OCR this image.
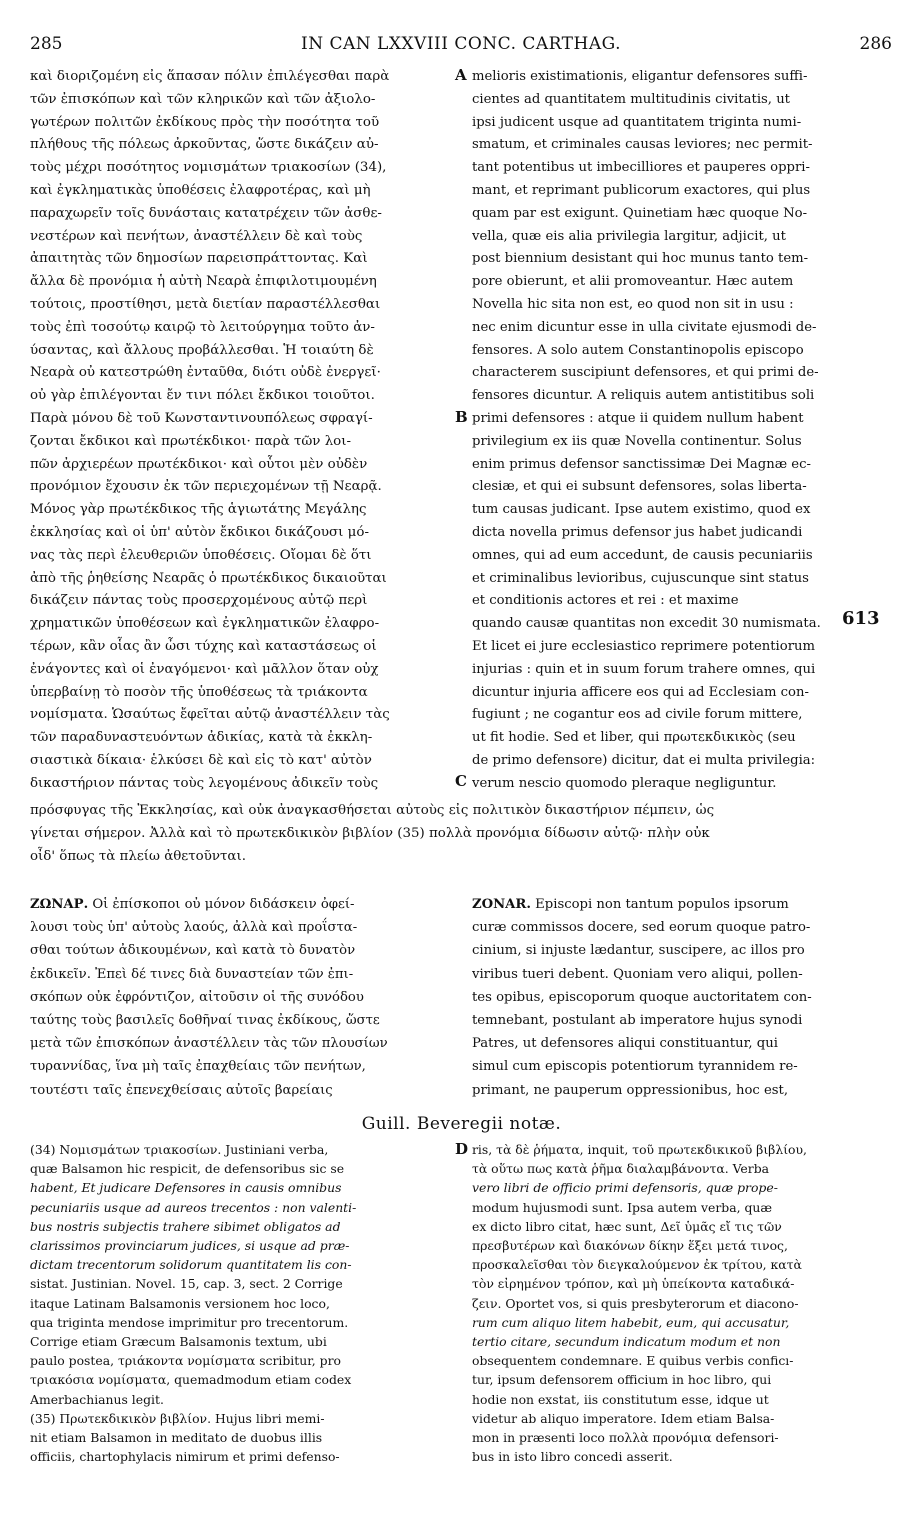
285	IN CAN LXXVIII CONC. CARTHAG.	286
A
B
C
D
613
καὶ διοριζομένη εἰς ἅπασαν πόλιν ἐπιλέγεσθαι παρὰ
τῶν ἐπισκόπων καὶ τῶν κληρικῶν καὶ τῶν ἀξιολο-
γωτέρων πολιτῶν ἐκδίκους πρὸς τὴν ποσότητα τοῦ
πλήθους τῆς πόλεως ἀρκοῦντας, ὥστε δικάζειν αὐ-
τοὺς μέχρι ποσότητος νομισμάτων τριακοσίων (34),
καὶ ἐγκληματικὰς ὑποθέσεις ἐλαφροτέρας, καὶ μὴ
παραχωρεῖν τοῖς δυνάσταις κατατρέχειν τῶν ἀσθε-
νεστέρων καὶ πενήτων, ἀναστέλλειν δὲ καὶ τοὺς
ἀπαιτητὰς τῶν δημοσίων παρεισπράττοντας. Καὶ
ἄλλα δὲ προνόμια ἡ αὐτὴ Νεαρὰ ἐπιφιλοτιμουμένη
τούτοις, προστίθησι, μετὰ διετίαν παραστέλλεσθαι
τοὺς ἐπὶ τοσούτῳ καιρῷ τὸ λειτούργημα τοῦτο ἀν-
ύσαντας, καὶ ἄλλους προβάλλεσθαι. Ἡ τοιαύτη δὲ
Νεαρὰ οὐ κατεστρώθη ἐνταῦθα, διότι οὐδὲ ἐνεργεῖ·
οὐ γὰρ ἐπιλέγονται ἔν τινι πόλει ἔκδικοι τοιοῦτοι.
Παρὰ μόνου δὲ τοῦ Κωνσταντινουπόλεως σφραγί-
ζονται ἔκδικοι καὶ πρωτέκδικοι· παρὰ τῶν λοι-
πῶν ἀρχιερέων πρωτέκδικοι· καὶ οὗτοι μὲν οὐδὲν
προνόμιον ἔχουσιν ἐκ τῶν περιεχομένων τῇ Νεαρᾷ.
Μόνος γὰρ πρωτέκδικος τῆς ἁγιωτάτης Μεγάλης
ἐκκλησίας καὶ οἱ ὑπ' αὐτὸν ἔκδικοι δικάζουσι μό-
νας τὰς περὶ ἐλευθεριῶν ὑποθέσεις. Οἴομαι δὲ ὅτι
ἀπὸ τῆς ῥηθείσης Νεαρᾶς ὁ πρωτέκδικος δικαιοῦται
δικάζειν πάντας τοὺς προσερχομένους αὐτῷ περὶ
χρηματικῶν ὑποθέσεων καὶ ἐγκληματικῶν ἐλαφρο-
τέρων, κἂν οἷας ἂν ὦσι τύχης καὶ καταστάσεως οἱ
ἐνάγοντες καὶ οἱ ἐναγόμενοι· καὶ μᾶλλον ὅταν οὐχ
ὑπερβαίνῃ τὸ ποσὸν τῆς ὑποθέσεως τὰ τριάκοντα
νομίσματα. Ὡσαύτως ἔφεῖται αὐτῷ ἀναστέλλειν τὰς
τῶν παραδυναστευόντων ἀδικίας, κατὰ τὰ ἐκκλη-
σιαστικὰ δίκαια· ἑλκύσει δὲ καὶ εἰς τὸ κατ' αὐτὸν
δικαστήριον πάντας τοὺς λεγομένους ἀδικεῖν τοὺς
melioris existimationis, eligantur defensores suffi-
cientes ad quantitatem multitudinis civitatis, ut
ipsi judicent usque ad quantitatem triginta numi-
smatum, et criminales causas leviores; nec permit-
tant potentibus ut imbecilliores et pauperes oppri-
mant, et reprimant publicorum exactores, qui plus
quam par est exigunt. Quinetiam hæc quoque No-
vella, quæ eis alia privilegia largitur, adjicit, ut
post biennium desistant qui hoc munus tanto tem-
pore obierunt, et alii promoveantur. Hæc autem
Novella hic sita non est, eo quod non sit in usu :
nec enim dicuntur esse in ulla civitate ejusmodi de-
fensores. A solo autem Constantinopolis episcopo
characterem suscipiunt defensores, et qui primi de-
fensores dicuntur. A reliquis autem antistitibus soli
primi defensores : atque ii quidem nullum habent
privilegium ex iis quæ Novella continentur. Solus
enim primus defensor sanctissimæ Dei Magnæ ec-
clesiæ, et qui ei subsunt defensores, solas liberta-
tum causas judicant. Ipse autem existimo, quod ex
dicta novella primus defensor jus habet judicandi
omnes, qui ad eum accedunt, de causis pecuniariis
et criminalibus levioribus, cujuscunque sint status
et conditionis actores et rei : et maxime
quando causæ quantitas non excedit 30 numismata.
Et licet ei jure ecclesiastico reprimere potentiorum
injurias : quin et in suum forum trahere omnes, qui
dicuntur injuria afficere eos qui ad Ecclesiam con-
fugiunt ; ne cogantur eos ad civile forum mittere,
ut fit hodie. Sed et liber, qui πρωτεκδικικὸς (seu
de primo defensore) dicitur, dat ei multa privilegia:
verum nescio quomodo pleraque negliguntur.
πρόσφυγας τῆς Ἐκκλησίας, καὶ οὐκ ἀναγκασθήσεται αὐτοὺς εἰς πολιτικὸν δικαστήριον πέμπειν, ὡς
γίνεται σήμερον. Ἀλλὰ καὶ τὸ πρωτεκδικικὸν βιβλίον (35) πολλὰ προνόμια δίδωσιν αὐτῷ· πλὴν οὐκ
οἶδ' ὅπως τὰ πλείω ἀθετοῦνται.
ΖΩΝΑΡ. Οἱ ἐπίσκοποι οὐ μόνον διδάσκειν ὀφεί-
λουσι τοὺς ὑπ' αὐτοὺς λαούς, ἀλλὰ καὶ προΐστα-
σθαι τούτων ἀδικουμένων, καὶ κατὰ τὸ δυνατὸν
ἐκδικεῖν. Ἐπεὶ δέ τινες διὰ δυναστείαν τῶν ἐπι-
σκόπων οὐκ ἐφρόντιζον, αἰτοῦσιν οἱ τῆς συνόδου
ταύτης τοὺς βασιλεῖς δοθῆναί τινας ἐκδίκους, ὥστε
μετὰ τῶν ἐπισκόπων ἀναστέλλειν τὰς τῶν πλουσίων
τυραννίδας, ἵνα μὴ ταῖς ἐπαχθείαις τῶν πενήτων,
τουτέστι ταῖς ἐπενεχθείσαις αὐτοῖς βαρείαις
ZONAR. Episcopi non tantum populos ipsorum
curæ commissos docere, sed eorum quoque patro-
cinium, si injuste lædantur, suscipere, ac illos pro
viribus tueri debent. Quoniam vero aliqui, pollen-
tes opibus, episcoporum quoque auctoritatem con-
temnebant, postulant ab imperatore hujus synodi
Patres, ut defensores aliqui constituantur, qui
simul cum episcopis potentiorum tyrannidem re-
primant, ne pauperum oppressionibus, hoc est,
Guill. Beveregii notæ.
(34) Νομισμάτων τριακοσίων. Justiniani verba,
quæ Balsamon hic respicit, de defensoribus sic se
habent, Et judicare Defensores in causis omnibus
pecuniariis usque ad aureos trecentos : non valenti-
bus nostris subjectis trahere sibimet obligatos ad
clarissimos provinciarum judices, si usque ad præ-
dictam trecentorum solidorum quantitatem lis con-
sistat. Justinian. Novel. 15, cap. 3, sect. 2 Corrige
itaque Latinam Balsamonis versionem hoc loco,
qua triginta mendose imprimitur pro trecentorum.
Corrige etiam Græcum Balsamonis textum, ubi
paulo postea, τριάκοντα νομίσματα scribitur, pro
τριακόσια νομίσματα, quemadmodum etiam codex
Amerbachianus legit.
(35) Πρωτεκδικικὸν βιβλίον. Hujus libri memi-
nit etiam Balsamon in meditato de duobus illis
officiis, chartophylacis nimirum et primi defenso-
ris, τὰ δὲ ῥήματα, inquit, τοῦ πρωτεκδικικοῦ βιβλίου,
τὰ οὕτω πως κατὰ ῥῆμα διαλαμβάνοντα. Verba
vero libri de officio primi defensoris, quæ prope-
modum hujusmodi sunt. Ipsa autem verba, quæ
ex dicto libro citat, hæc sunt, Δεῖ ὑμᾶς εἴ τις τῶν
πρεσβυτέρων καὶ διακόνων δίκην ἕξει μετά τινος,
προσκαλεῖσθαι τὸν διεγκαλούμενον ἐκ τρίτου, κατὰ
τὸν εἰρημένον τρόπον, καὶ μὴ ὑπείκοντα καταδικά-
ζειν. Oportet vos, si quis presbyterorum et diacono-
rum cum aliquo litem habebit, eum, qui accusatur,
tertio citare, secundum indicatum modum et non
obsequentem condemnare. E quibus verbis conficı-
tur, ipsum defensorem officium in hoc libro, qui
hodie non exstat, iis constitutum esse, idque ut
videtur ab aliquo imperatore. Idem etiam Balsa-
mon in præsenti loco πολλὰ προνόμια defensori-
bus in isto libro concedi asserit.
